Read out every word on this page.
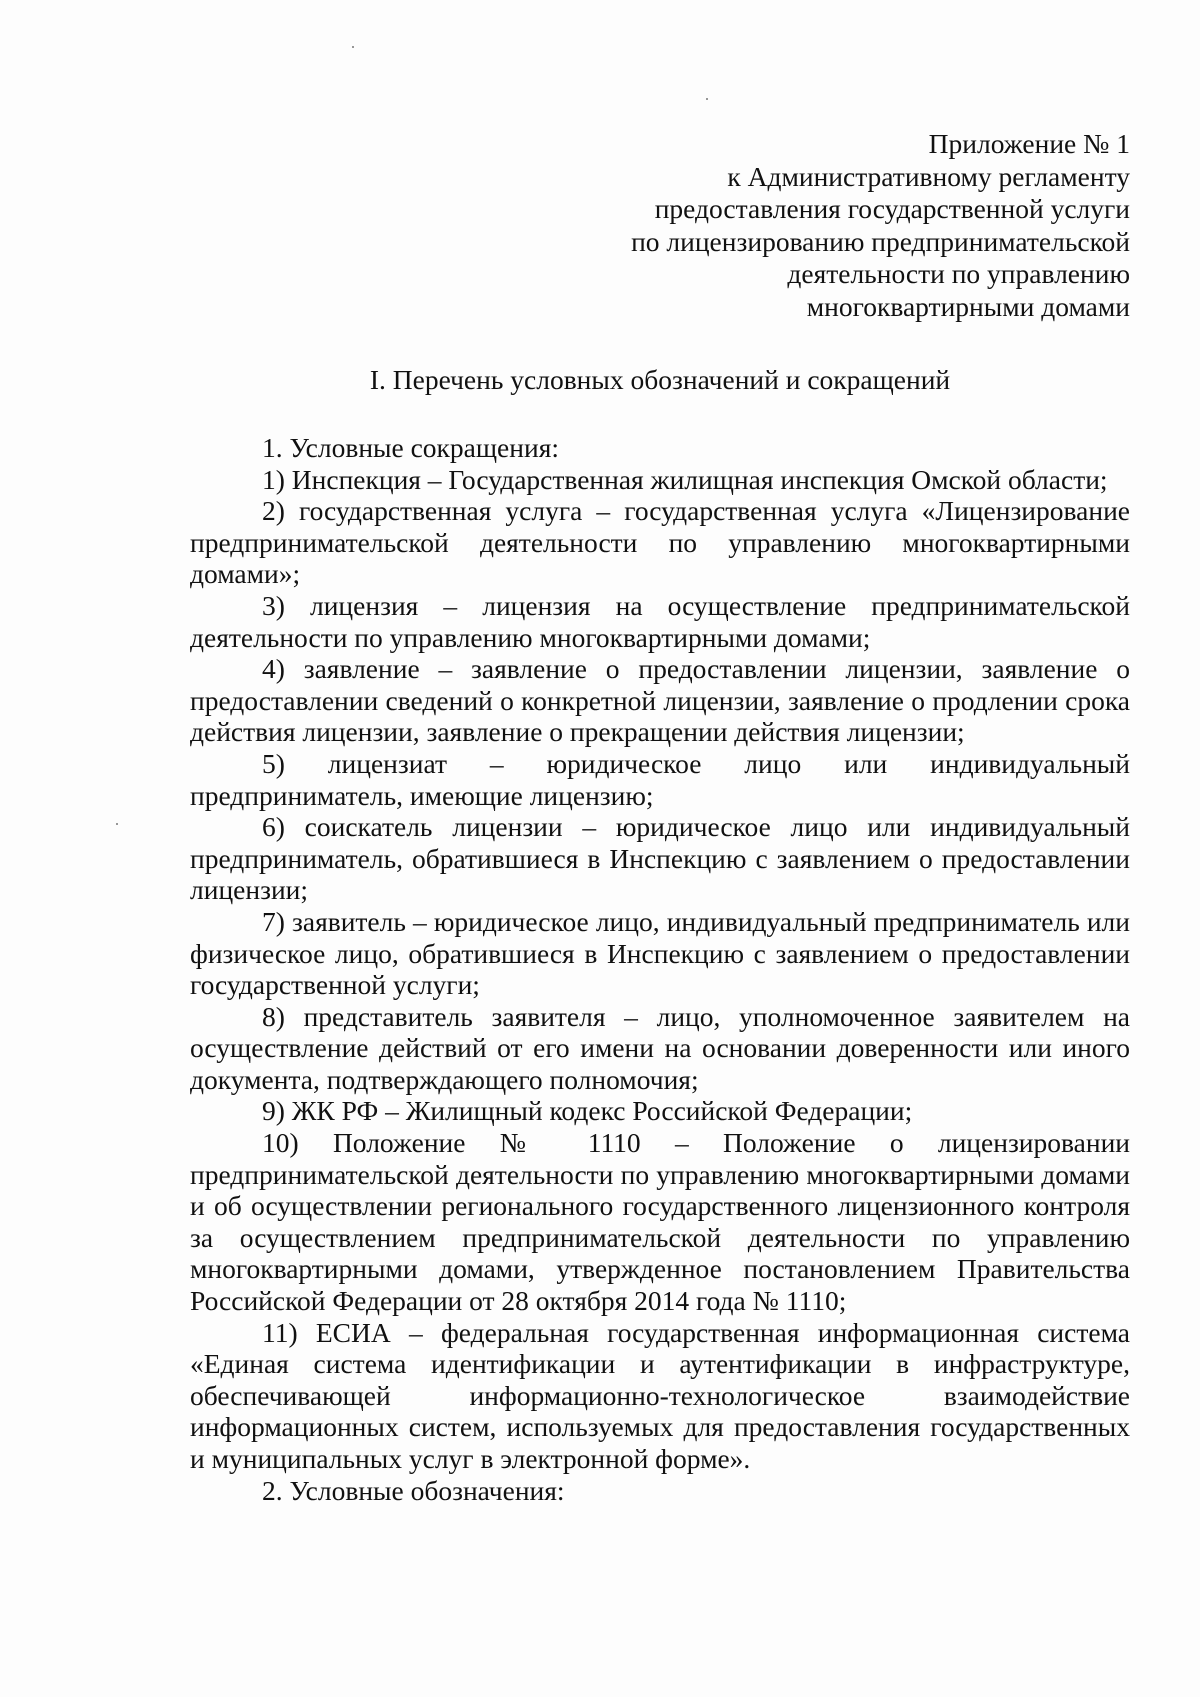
Приложение № 1
к Административному регламенту
предоставления государственной услуги
по лицензированию предпринимательской
деятельности по управлению
многоквартирными домами
I. Перечень условных обозначений и сокращений

1. Условные сокращения:

1) Инспекция – Государственная жилищная инспекция Омской области;

2) государственная услуга – государственная услуга «Лицензирование предпринимательской деятельности по управлению многоквартирными домами»;

3) лицензия – лицензия на осуществление предпринимательской деятельности по управлению многоквартирными домами;

4) заявление – заявление о предоставлении лицензии, заявление о предоставлении сведений о конкретной лицензии, заявление о продлении срока действия лицензии, заявление о прекращении действия лицензии;

5) лицензиат – юридическое лицо или индивидуальный предприниматель, имеющие лицензию;

6) соискатель лицензии – юридическое лицо или индивидуальный предприниматель, обратившиеся в Инспекцию с заявлением о предоставлении лицензии;

7) заявитель – юридическое лицо, индивидуальный предприниматель или физическое лицо, обратившиеся в Инспекцию с заявлением о предоставлении государственной услуги;

8) представитель заявителя – лицо, уполномоченное заявителем на осуществление действий от его имени на основании доверенности или иного документа, подтверждающего полномочия;

9) ЖК РФ – Жилищный кодекс Российской Федерации;

10) Положение № 1110 – Положение о лицензировании предпринимательской деятельности по управлению многоквартирными домами и об осуществлении регионального государственного лицензионного контроля за осуществлением предпринимательской деятельности по управлению многоквартирными домами, утвержденное постановлением Правительства Российской Федерации от 28 октября 2014 года № 1110;

11) ЕСИА – федеральная государственная информационная система «Единая система идентификации и аутентификации в инфраструктуре, обеспечивающей информационно-технологическое взаимодействие информационных систем, используемых для предоставления государственных и муниципальных услуг в электронной форме».

2. Условные обозначения:
